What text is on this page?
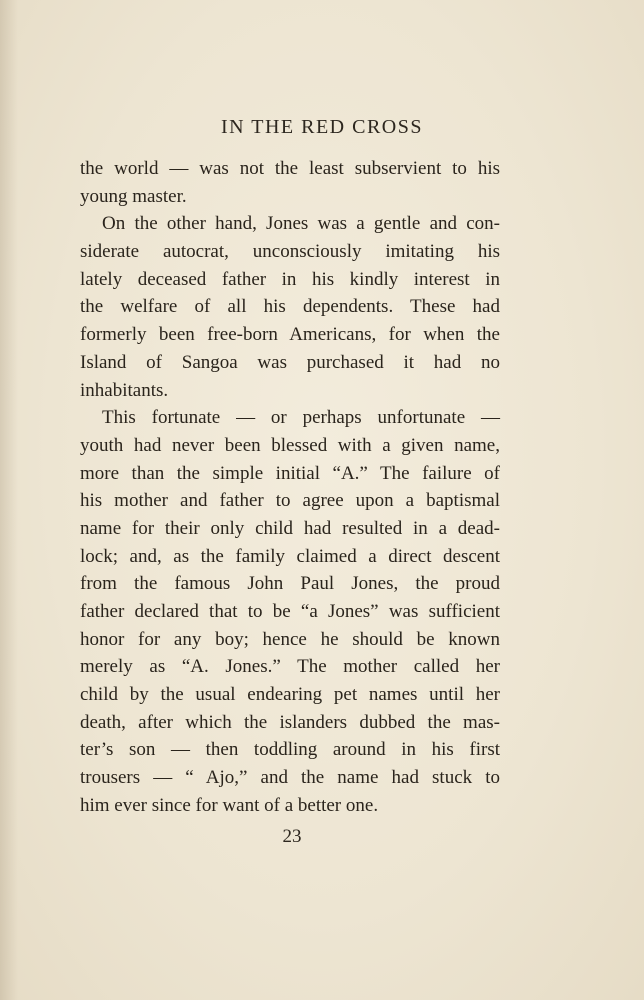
IN THE RED CROSS
the world — was not the least subservient to his
young master.
On the other hand, Jones was a gentle and con-
siderate autocrat, unconsciously imitating his
lately deceased father in his kindly interest in
the welfare of all his dependents. These had
formerly been free-born Americans, for when the
Island of Sangoa was purchased it had no
inhabitants.
This fortunate — or perhaps unfortunate —
youth had never been blessed with a given name,
more than the simple initial “A.” The failure of
his mother and father to agree upon a baptismal
name for their only child had resulted in a dead-
lock; and, as the family claimed a direct descent
from the famous John Paul Jones, the proud
father declared that to be “a Jones” was sufficient
honor for any boy; hence he should be known
merely as “A. Jones.” The mother called her
child by the usual endearing pet names until her
death, after which the islanders dubbed the mas-
ter’s son — then toddling around in his first
trousers — “ Ajo,” and the name had stuck to
him ever since for want of a better one.
23
